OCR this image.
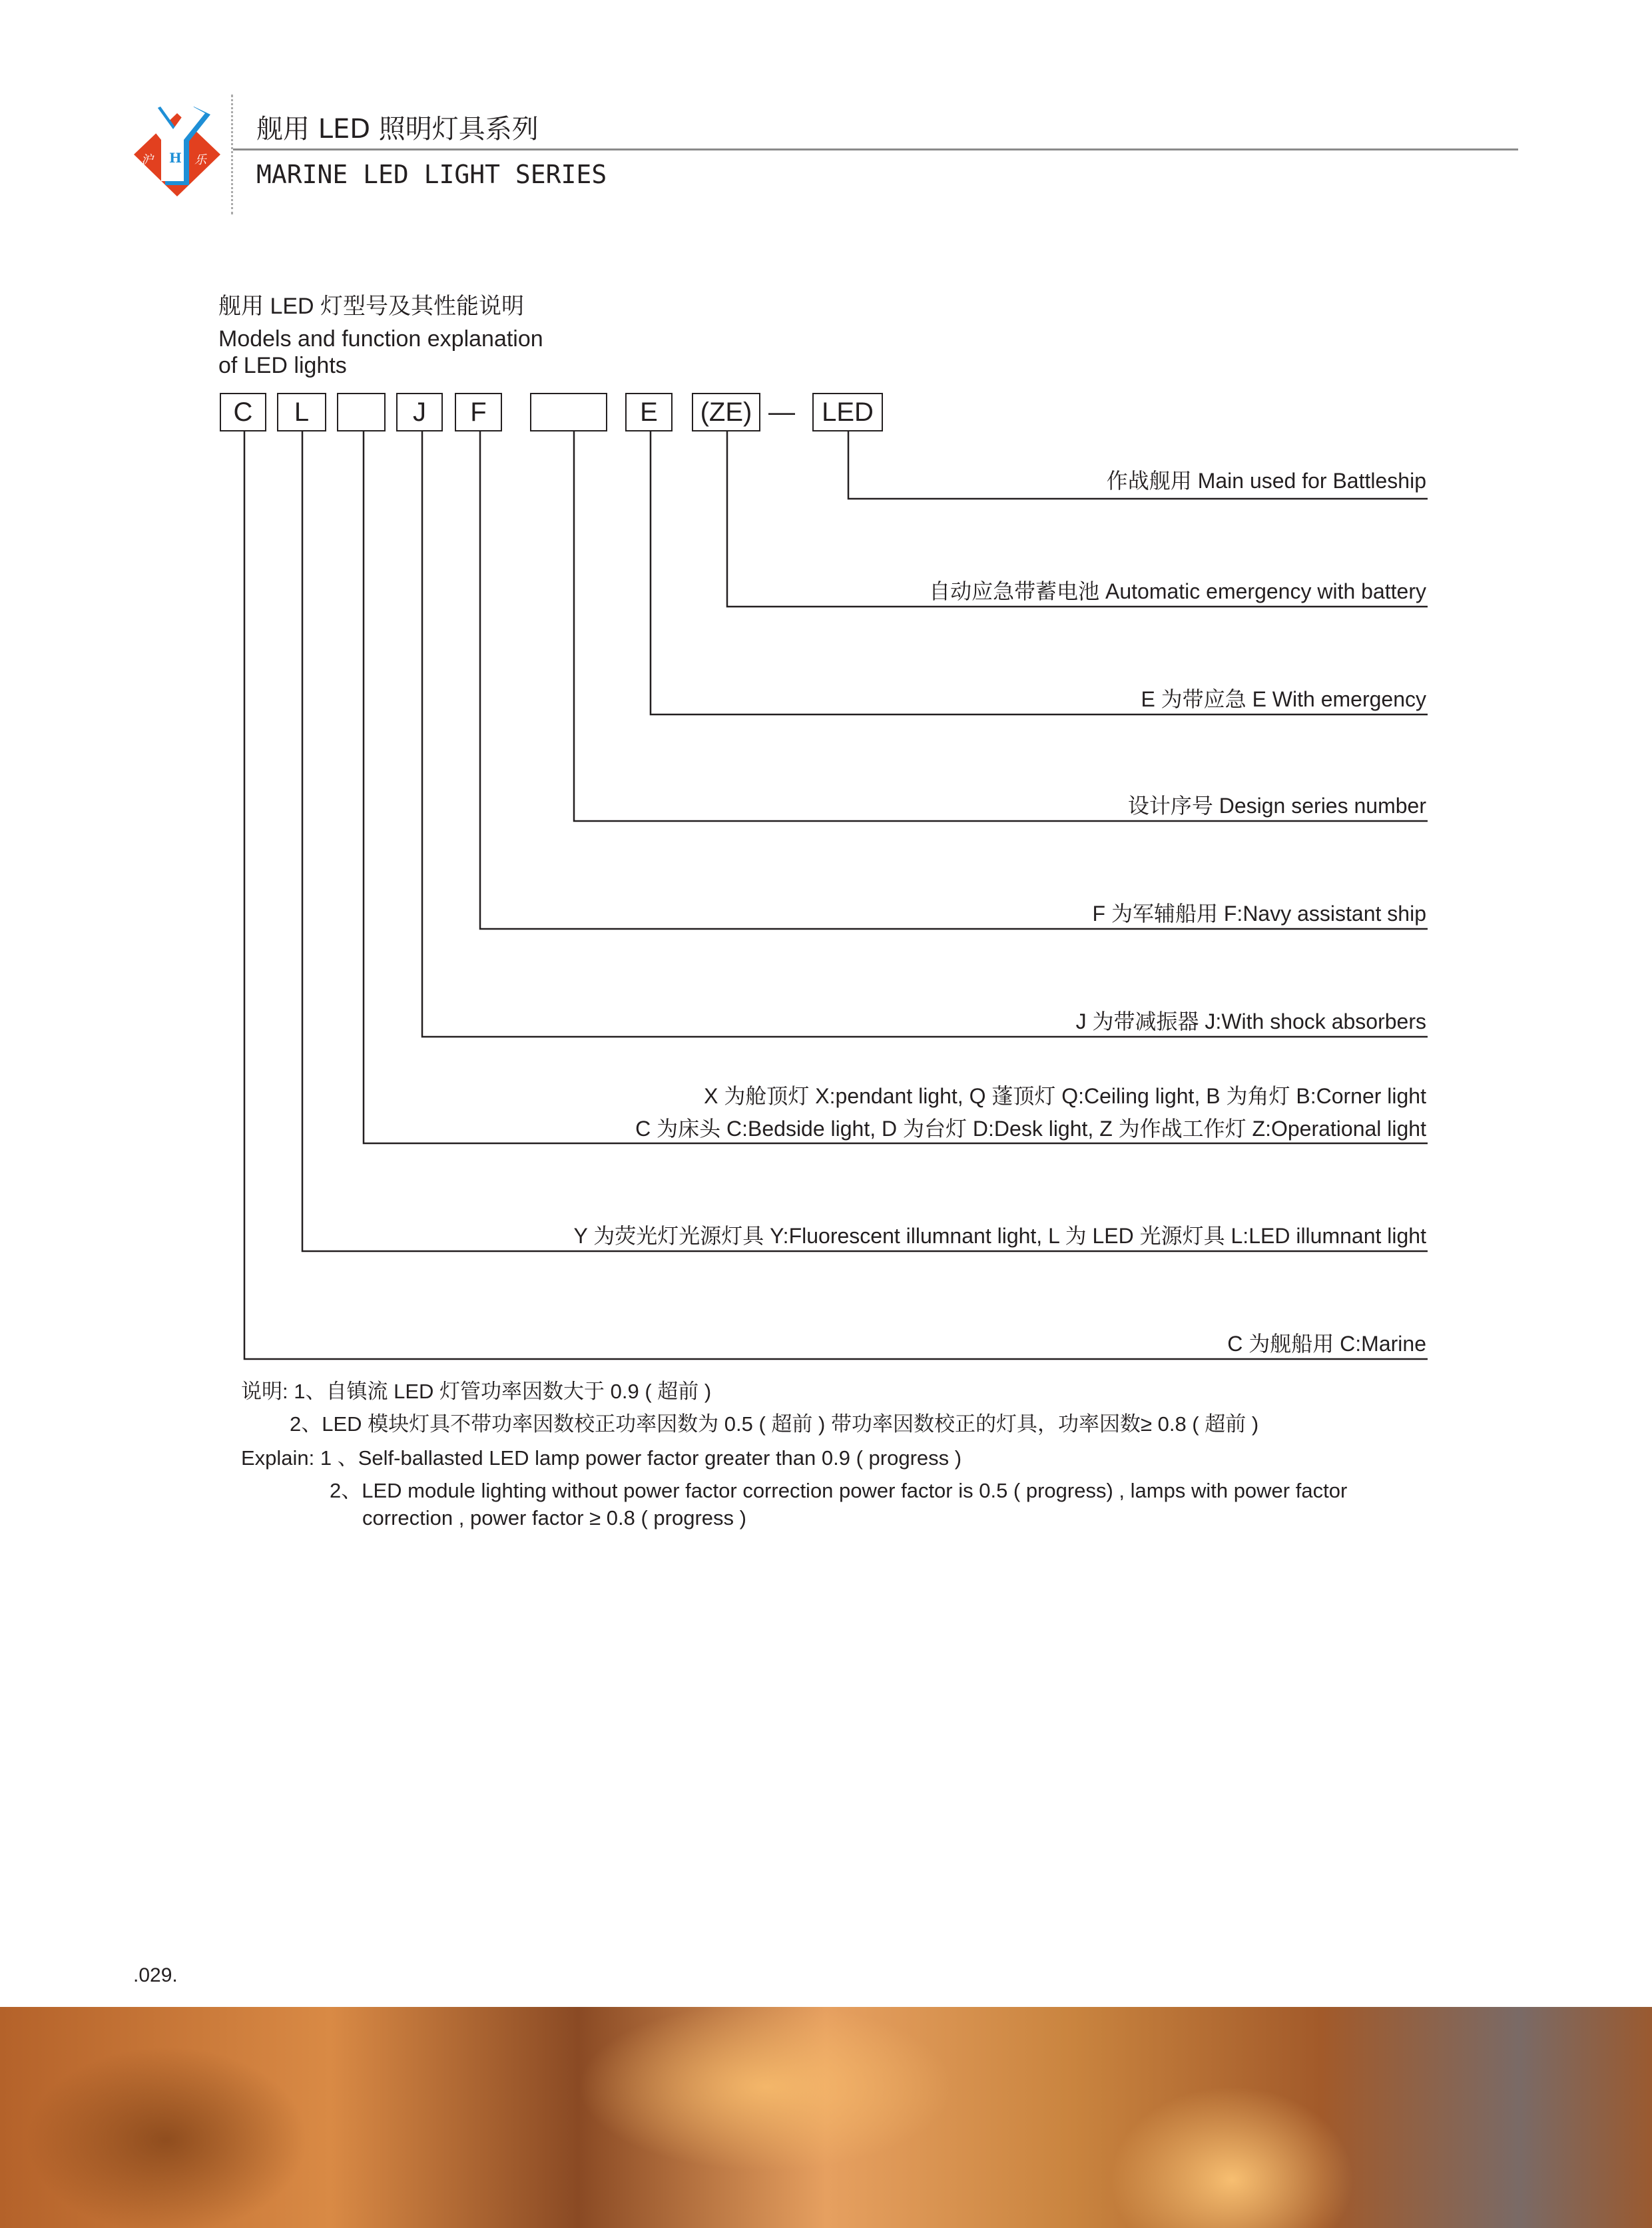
H
沪	乐
舰用 LED 照明灯具系列
MARINE LED LIGHT SERIES
舰用 LED 灯型号及其性能说明
Models and function explanation
of LED lights
C	L	J	F	E	(ZE) —	LED
作战舰用 Main used for Battleship
自动应急带蓄电池 Automatic emergency with battery
E 为带应急 E With emergency
设计序号 Design series number
F 为军辅船用 F:Navy assistant ship
J 为带减振器 J:With shock absorbers
X 为舱顶灯 X:pendant light, Q 蓬顶灯 Q:Ceiling light, B 为角灯 B:Corner light
C 为床头 C:Bedside light, D 为台灯 D:Desk light, Z 为作战工作灯 Z:Operational light
Y 为荧光灯光源灯具 Y:Fluorescent illumnant light, L 为 LED 光源灯具 L:LED illumnant light
C 为舰船用 C:Marine
说明: 1、自镇流 LED 灯管功率因数大于 0.9 ( 超前 )
2、LED 模块灯具不带功率因数校正功率因数为 0.5 ( 超前 ) 带功率因数校正的灯具，功率因数≥ 0.8 ( 超前 )
Explain: 1 、Self-ballasted LED lamp power factor greater than 0.9 ( progress )
2、LED module lighting without power factor correction power factor is 0.5 ( progress) , lamps with power factor
correction , power factor ≥ 0.8 ( progress )
.029.
